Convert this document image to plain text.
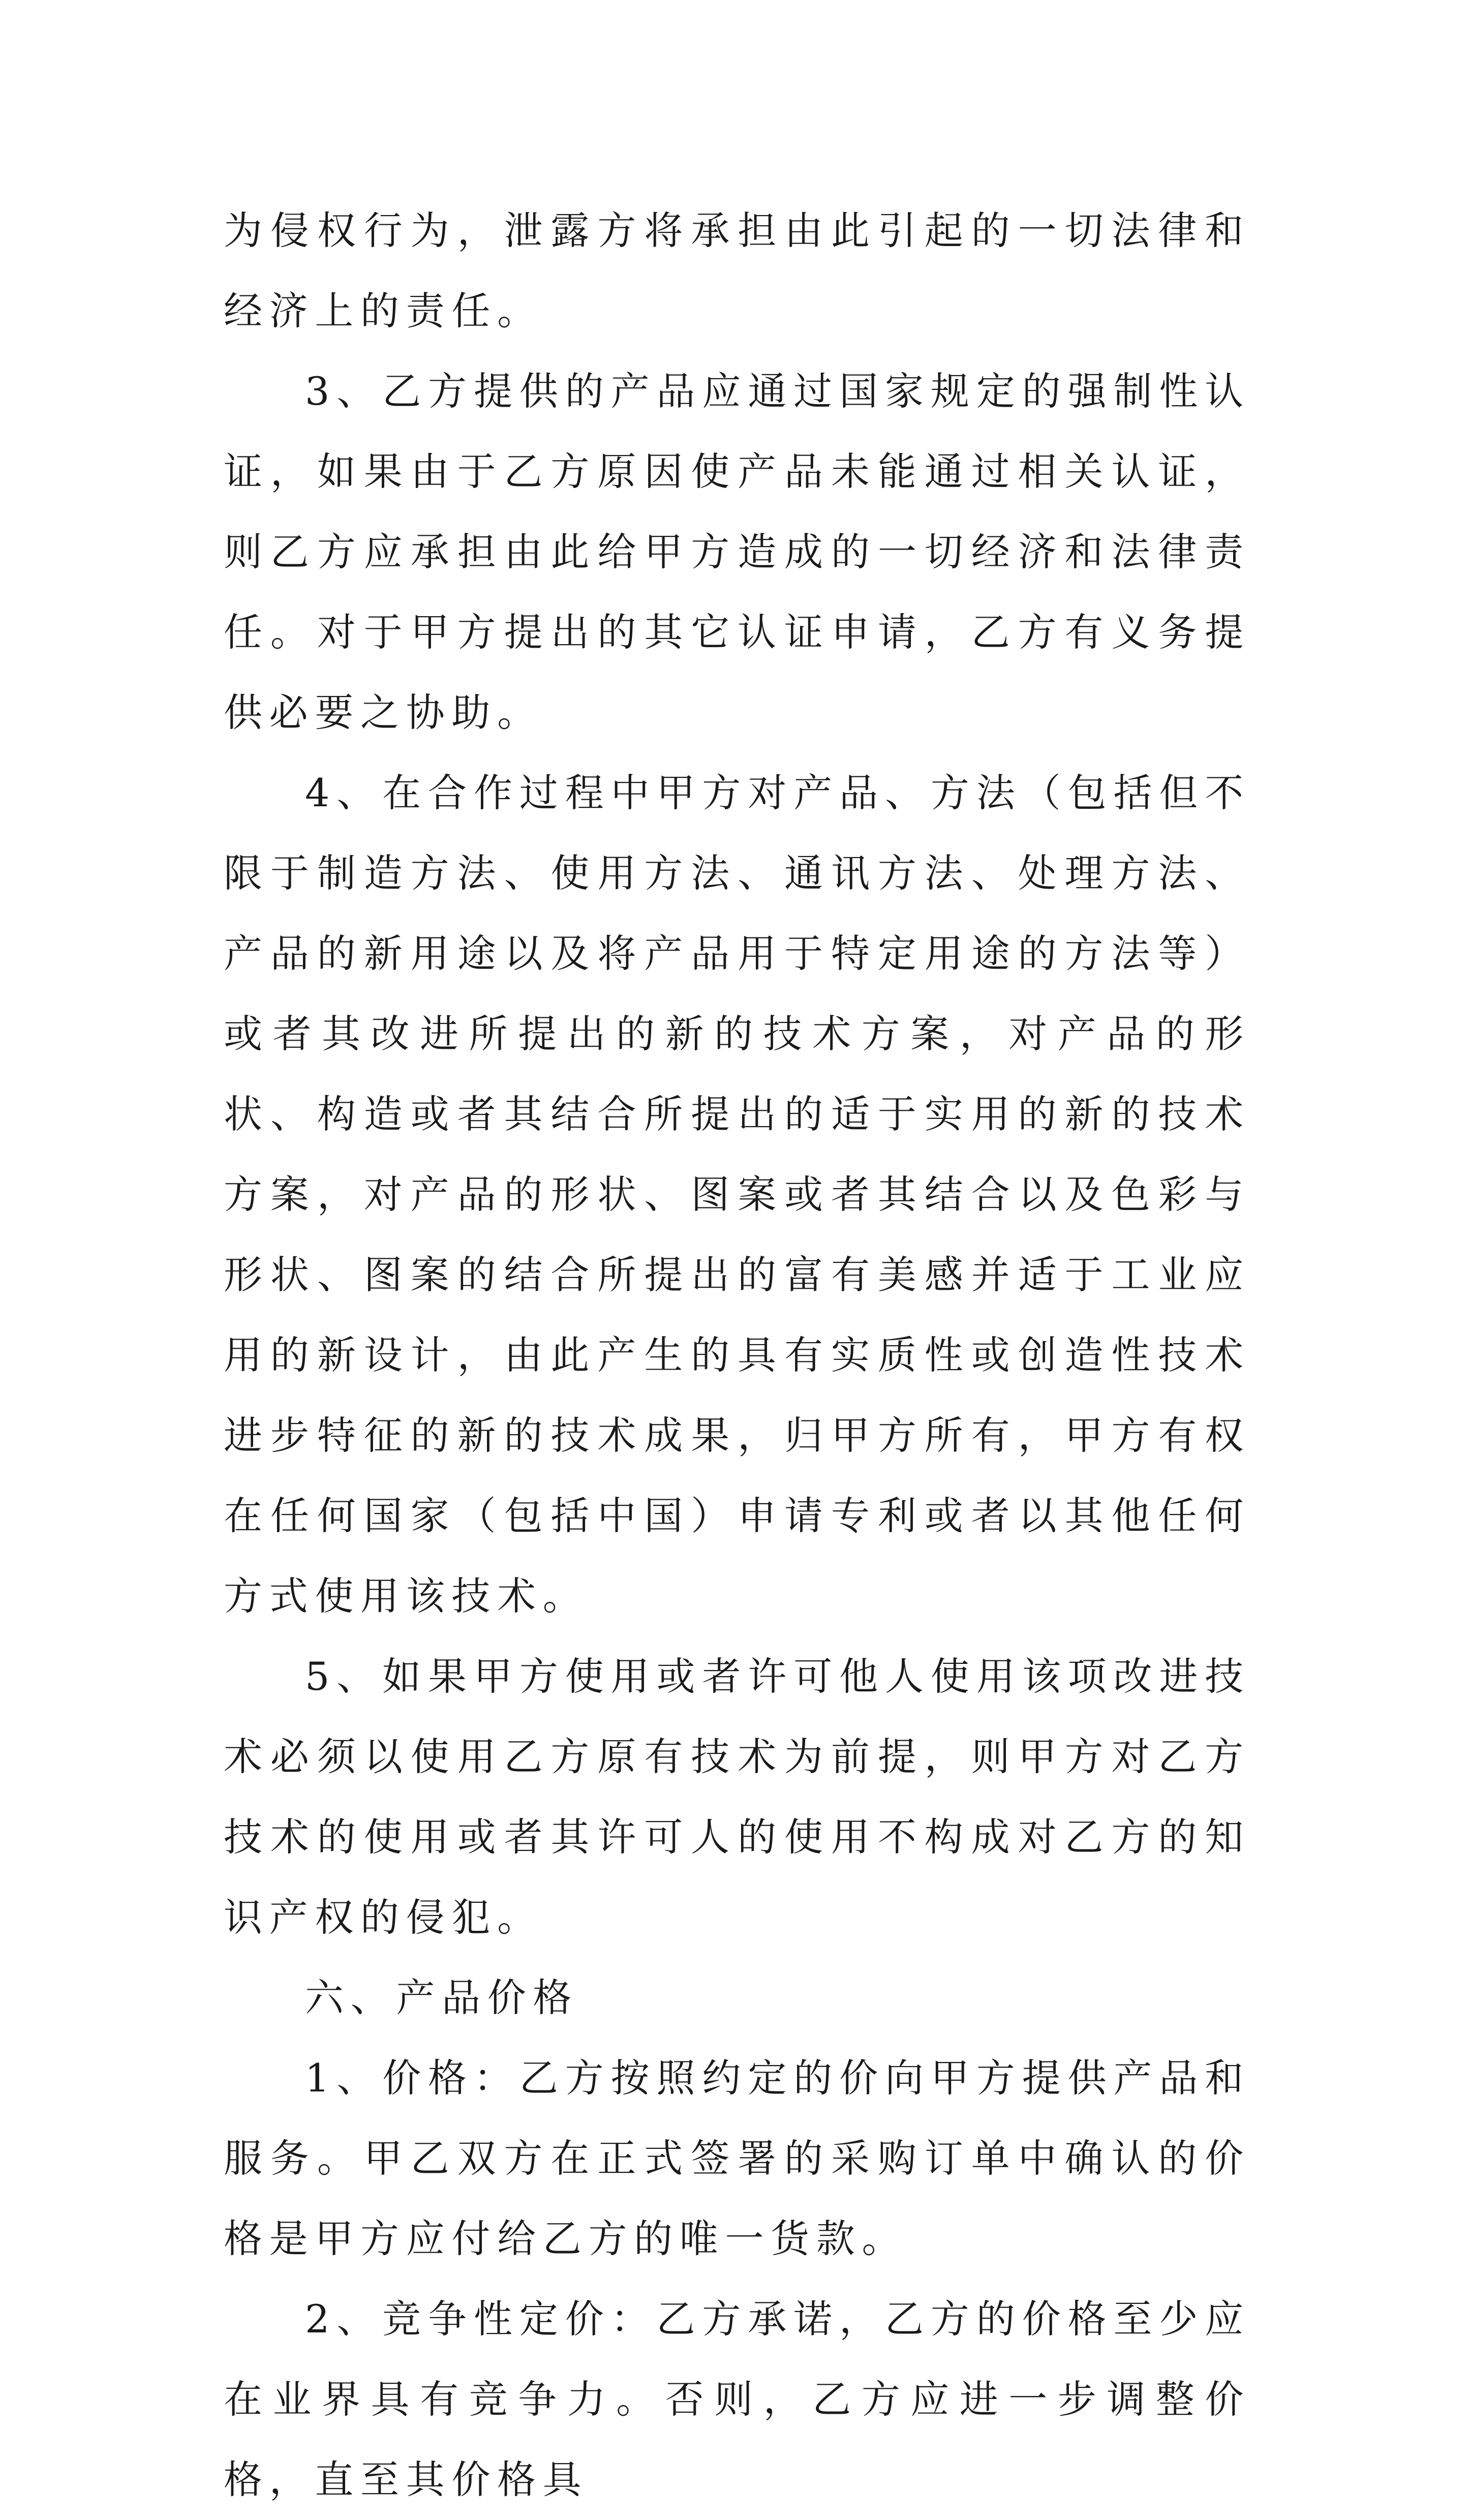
为侵权行为，泄露方将承担由此引起的一切法律和经济上的责任。

3、乙方提供的产品应通过国家规定的强制性认证，如果由于乙方原因使产品未能通过相关认证，则乙方应承担由此给甲方造成的一切经济和法律责任。对于甲方提出的其它认证申请，乙方有义务提供必要之协助。

4、在合作过程中甲方对产品、方法（包括但不限于制造方法、使用方法、通讯方法、处理方法、产品的新用途以及将产品用于特定用途的方法等）或者其改进所提出的新的技术方案，对产品的形状、构造或者其结合所提出的适于实用的新的技术方案，对产品的形状、图案或者其结合以及色彩与形状、图案的结合所提出的富有美感并适于工业应用的新设计，由此产生的具有实质性或创造性技术进步特征的新的技术成果，归甲方所有，甲方有权在任何国家（包括中国）申请专利或者以其他任何方式使用该技术。

5、如果甲方使用或者许可他人使用该项改进技术必须以使用乙方原有技术为前提，则甲方对乙方技术的使用或者其许可人的使用不构成对乙方的知识产权的侵犯。

六、产品价格

1、价格：乙方按照约定的价向甲方提供产品和服务。甲乙双方在正式签署的采购订单中确认的价格是甲方应付给乙方的唯一货款。

2、竞争性定价：乙方承诺，乙方的价格至少应在业界具有竞争力。否则，乙方应进一步调整价格，直至其价格具
